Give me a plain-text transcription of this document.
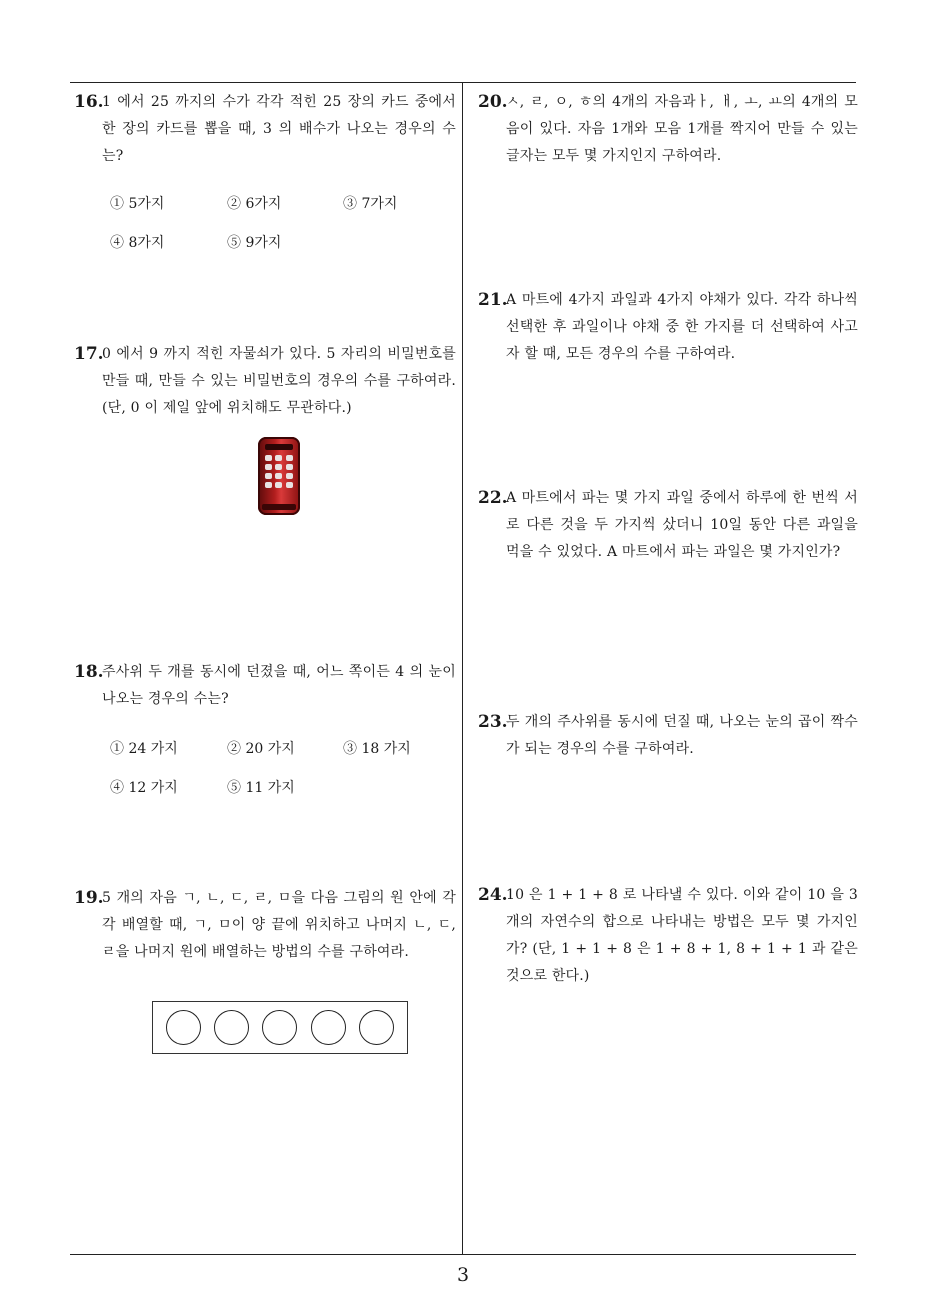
16.
1 에서 25 까지의 수가 각각 적힌 25 장의 카드 중에서 한 장의 카드를 뽑을 때, 3 의 배수가 나오는 경우의 수는?
① 5가지	② 6가지	③ 7가지
④ 8가지	⑤ 9가지
17.
0 에서 9 까지 적힌 자물쇠가 있다. 5 자리의 비밀번호를 만들 때, 만들 수 있는 비밀번호의 경우의 수를 구하여라. (단, 0 이 제일 앞에 위치해도 무관하다.)
18.
주사위 두 개를 동시에 던졌을 때, 어느 쪽이든 4 의 눈이 나오는 경우의 수는?
① 24 가지	② 20 가지	③ 18 가지
④ 12 가지	⑤ 11 가지
19.
5 개의 자음 ㄱ, ㄴ, ㄷ, ㄹ, ㅁ을 다음 그림의 원 안에 각각 배열할 때, ㄱ, ㅁ이 양 끝에 위치하고 나머지 ㄴ, ㄷ, ㄹ을 나머지 원에 배열하는 방법의 수를 구하여라.
20.
ㅅ, ㄹ, ㅇ, ㅎ의 4개의 자음과ㅏ, ㅐ, ㅗ, ㅛ의 4개의 모음이 있다. 자음 1개와 모음 1개를 짝지어 만들 수 있는 글자는 모두 몇 가지인지 구하여라.
21.
A 마트에 4가지 과일과 4가지 야채가 있다. 각각 하나씩 선택한 후 과일이나 야채 중 한 가지를 더 선택하여 사고자 할 때, 모든 경우의 수를 구하여라.
22.
A 마트에서 파는 몇 가지 과일 중에서 하루에 한 번씩 서로 다른 것을 두 가지씩 샀더니 10일 동안 다른 과일을 먹을 수 있었다. A 마트에서 파는 과일은 몇 가지인가?
23.
두 개의 주사위를 동시에 던질 때, 나오는 눈의 곱이 짝수가 되는 경우의 수를 구하여라.
24.
10 은 1 + 1 + 8 로 나타낼 수 있다. 이와 같이 10 을 3 개의 자연수의 합으로 나타내는 방법은 모두 몇 가지인가? (단, 1 + 1 + 8 은 1 + 8 + 1, 8 + 1 + 1 과 같은 것으로 한다.)
3
